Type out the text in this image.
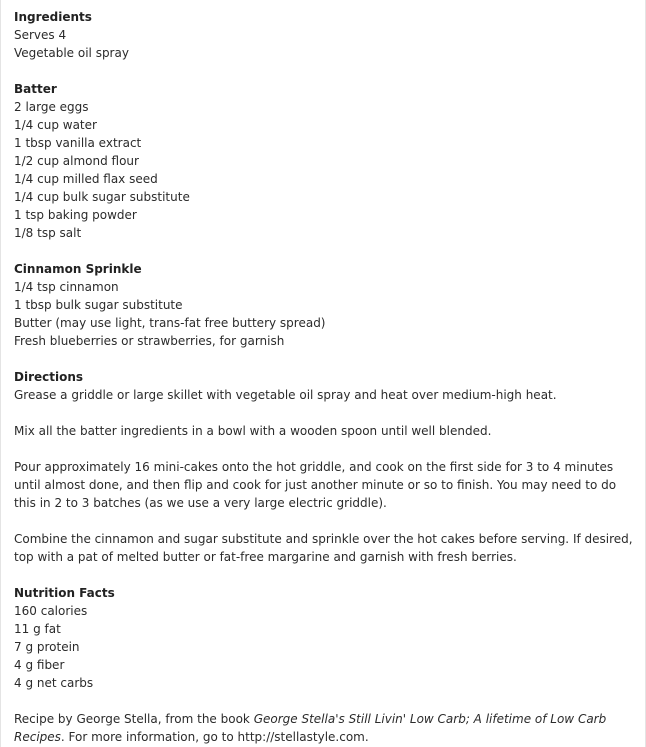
Ingredients
Serves 4
Vegetable oil spray
Batter
2 large eggs
1/4 cup water
1 tbsp vanilla extract
1/2 cup almond flour
1/4 cup milled flax seed
1/4 cup bulk sugar substitute
1 tsp baking powder
1/8 tsp salt
Cinnamon Sprinkle
1/4 tsp cinnamon
1 tbsp bulk sugar substitute
Butter (may use light, trans-fat free buttery spread)
Fresh blueberries or strawberries, for garnish
Directions
Grease a griddle or large skillet with vegetable oil spray and heat over medium-high heat.
Mix all the batter ingredients in a bowl with a wooden spoon until well blended.
Pour approximately 16 mini-cakes onto the hot griddle, and cook on the first side for 3 to 4 minutes until almost done, and then flip and cook for just another minute or so to finish. You may need to do this in 2 to 3 batches (as we use a very large electric griddle).
Combine the cinnamon and sugar substitute and sprinkle over the hot cakes before serving. If desired, top with a pat of melted butter or fat-free margarine and garnish with fresh berries.
Nutrition Facts
160 calories
11 g fat
7 g protein
4 g fiber
4 g net carbs
Recipe by George Stella, from the book George Stella's Still Livin' Low Carb; A lifetime of Low Carb Recipes. For more information, go to http://stellastyle.com.
